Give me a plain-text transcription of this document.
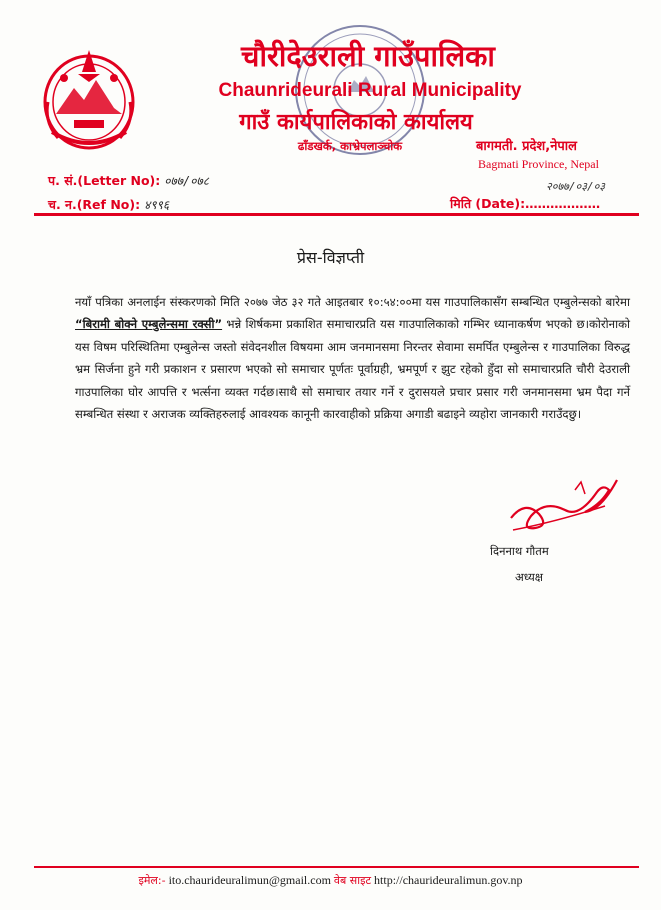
चौरीदेउराली गाउँपालिका
Chaunrideurali Rural Municipality
गाउँ कार्यपालिकाको कार्यालय
ढाँडखर्क, काभ्रेपलाञ्चोक	बागमती. प्रदेश,नेपाल
Bagmati Province, Nepal
प. सं.(Letter No): ०७७/०७८
च. न.(Ref No): ४९९६
२०७७/०३/०३
मिति (Date):………………
प्रेस-विज्ञप्ती
नयाँ पत्रिका अनलाईन संस्करणको मिति २०७७ जेठ ३२ गते आइतबार १०:५४:००मा यस गाउपालिकासँग सम्बन्धित एम्बुलेन्सको बारेमा “बिरामी बोक्ने एम्बुलेन्समा रक्सी” भन्ने शिर्षकमा प्रकाशित समाचारप्रति यस गाउपालिकाको गम्भिर ध्यानाकर्षण भएको छ।कोरोनाको यस विषम परिस्थितिमा एम्बुलेन्स जस्तो संवेदनशील विषयमा आम जनमानसमा निरन्तर सेवामा समर्पित एम्बुलेन्स र गाउपालिका विरुद्ध भ्रम सिर्जना हुने गरी प्रकाशन र प्रसारण भएको सो समाचार पूर्णतः पूर्वाग्रही, भ्रमपूर्ण र झुट रहेको हुँदा सो समाचारप्रति चौरी देउराली गाउपालिका घोर आपत्ति र भर्त्सना व्यक्त गर्दछ।साथै सो समाचार तयार गर्ने र दुरासयले प्रचार प्रसार गरी जनमानसमा भ्रम पैदा गर्ने सम्बन्धित संस्था र अराजक व्यक्तिहरुलाई आवश्यक कानूनी कारवाहीको प्रक्रिया अगाडी बढाइने व्यहोरा जानकारी गराउँदछु।
दिननाथ गौतम
अध्यक्ष
इमेल:- ito.chaurideuralimun@gmail.com वेब साइट http://chaurideuralimun.gov.np
